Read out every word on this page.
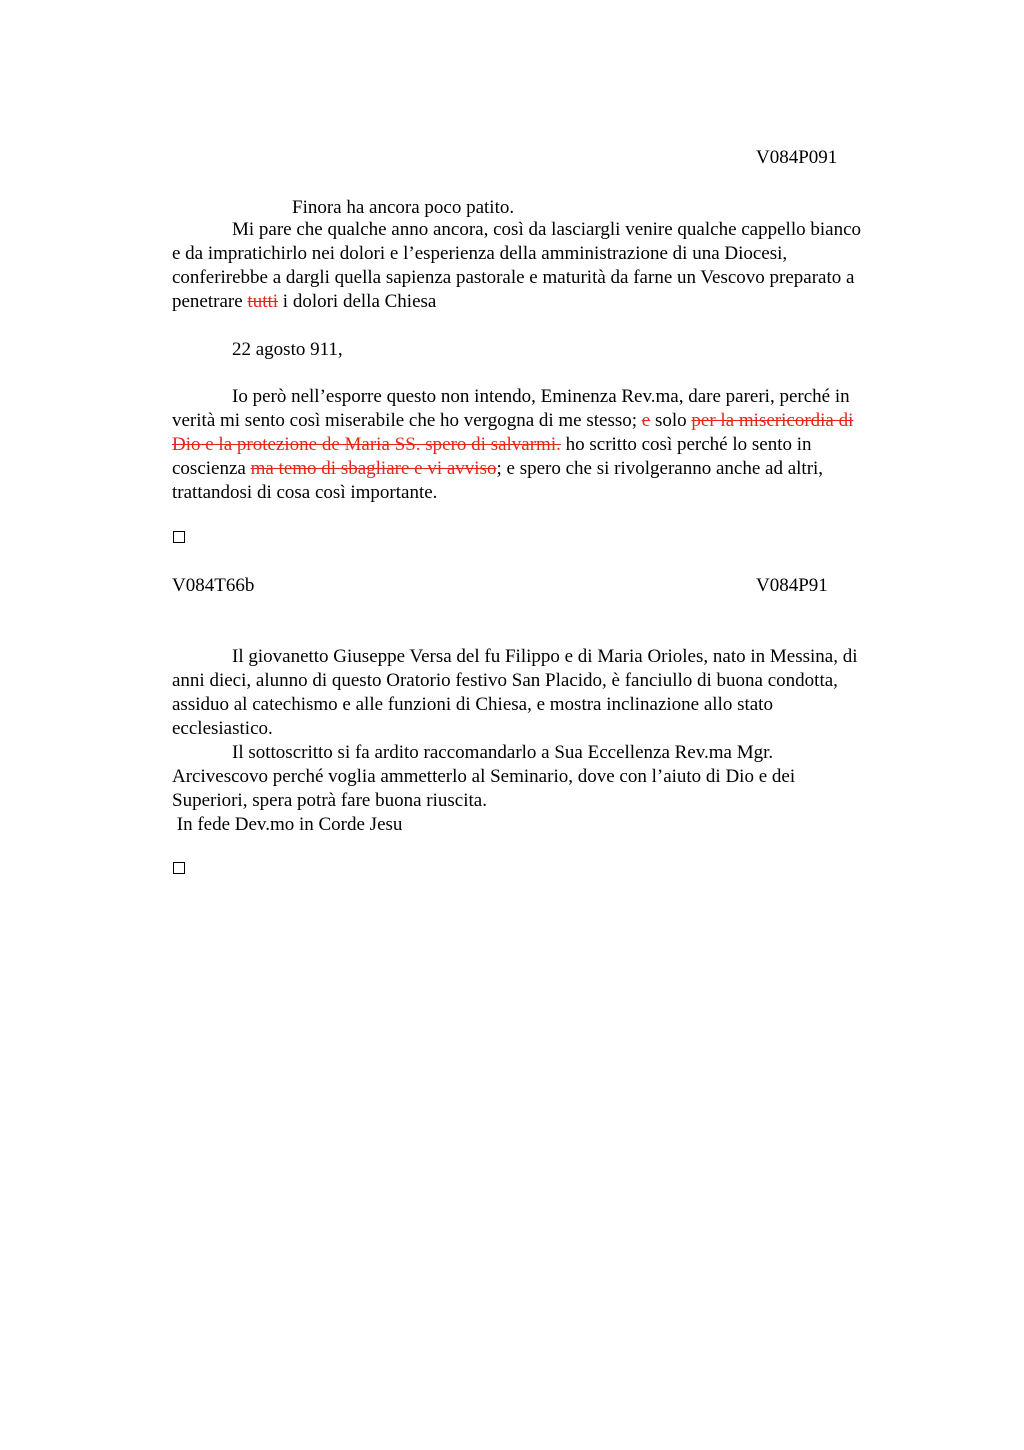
V084P091
Finora ha ancora poco patito.
Mi pare che qualche anno ancora, così da lasciargli venire qualche cappello bianco
e da impratichirlo nei dolori e l’esperienza della amministrazione di una Diocesi,
conferirebbe a dargli quella sapienza pastorale e maturità da farne un Vescovo preparato a
penetrare tutti i dolori della Chiesa
22 agosto 911,
Io però nell’esporre questo non intendo, Eminenza Rev.ma, dare pareri, perché in
verità mi sento così miserabile che ho vergogna di me stesso; e solo per la misericordia di
Dio e la protezione de Maria SS. spero di salvarmi. ho scritto così perché lo sento in
coscienza ma temo di sbagliare e vi avviso; e spero che si rivolgeranno anche ad altri,
trattandosi di cosa così importante.
V084T66b	V084P91
Il giovanetto Giuseppe Versa del fu Filippo e di Maria Orioles, nato in Messina, di
anni dieci, alunno di questo Oratorio festivo San Placido, è fanciullo di buona condotta,
assiduo al catechismo e alle funzioni di Chiesa, e mostra inclinazione allo stato
ecclesiastico.
Il sottoscritto si fa ardito raccomandarlo a Sua Eccellenza Rev.ma Mgr.
Arcivescovo perché voglia ammetterlo al Seminario, dove con l’aiuto di Dio e dei
Superiori, spera potrà fare buona riuscita.
In fede Dev.mo in Corde Jesu
